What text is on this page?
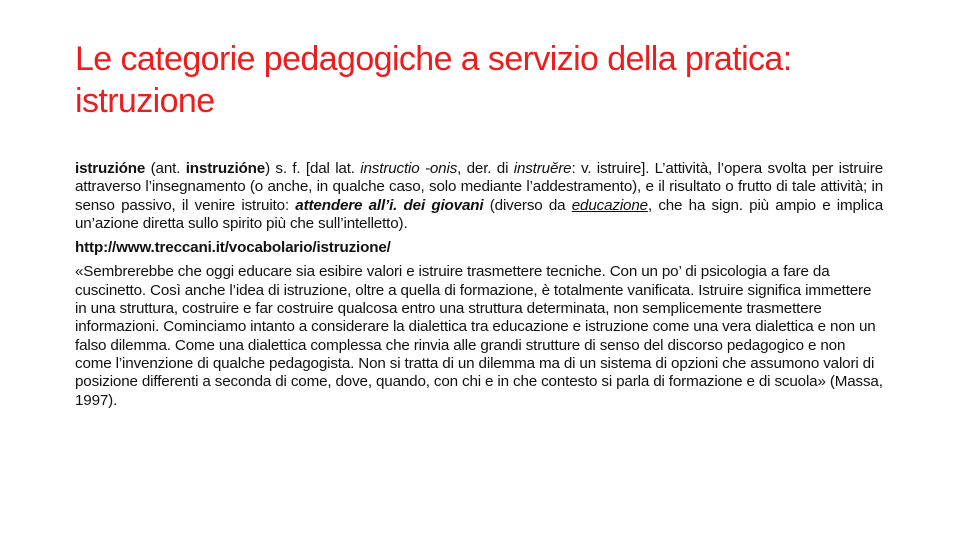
Le categorie pedagogiche a servizio della pratica: istruzione

istruzióne (ant. instruzióne) s. f. [dal lat. instructio -onis, der. di instruĕre: v. istruire]. L’attività, l’opera svolta per istruire attraverso l’insegnamento (o anche, in qualche caso, solo mediante l’addestramento), e il risultato o frutto di tale attività; in senso passivo, il venire istruito: attendere all’i. dei giovani (diverso da educazione, che ha sign. più ampio e implica un’azione diretta sullo spirito più che sull’intelletto).

http://www.treccani.it/vocabolario/istruzione/

«Sembrerebbe che oggi educare sia esibire valori e istruire trasmettere tecniche. Con un po’ di psicologia a fare da cuscinetto. Così anche l’idea di istruzione, oltre a quella di formazione, è totalmente vanificata. Istruire significa immettere in una struttura, costruire e far costruire qualcosa entro una struttura determinata, non semplicemente trasmettere informazioni. Cominciamo intanto a considerare la dialettica tra educazione e istruzione come una vera dialettica e non un falso dilemma. Come una dialettica complessa che rinvia alle grandi strutture di senso del discorso pedagogico e non come l’invenzione di qualche pedagogista. Non si tratta di un dilemma ma di un sistema di opzioni che assumono valori di posizione differenti a seconda di come, dove, quando, con chi e in che contesto si parla di formazione e di scuola» (Massa, 1997).
